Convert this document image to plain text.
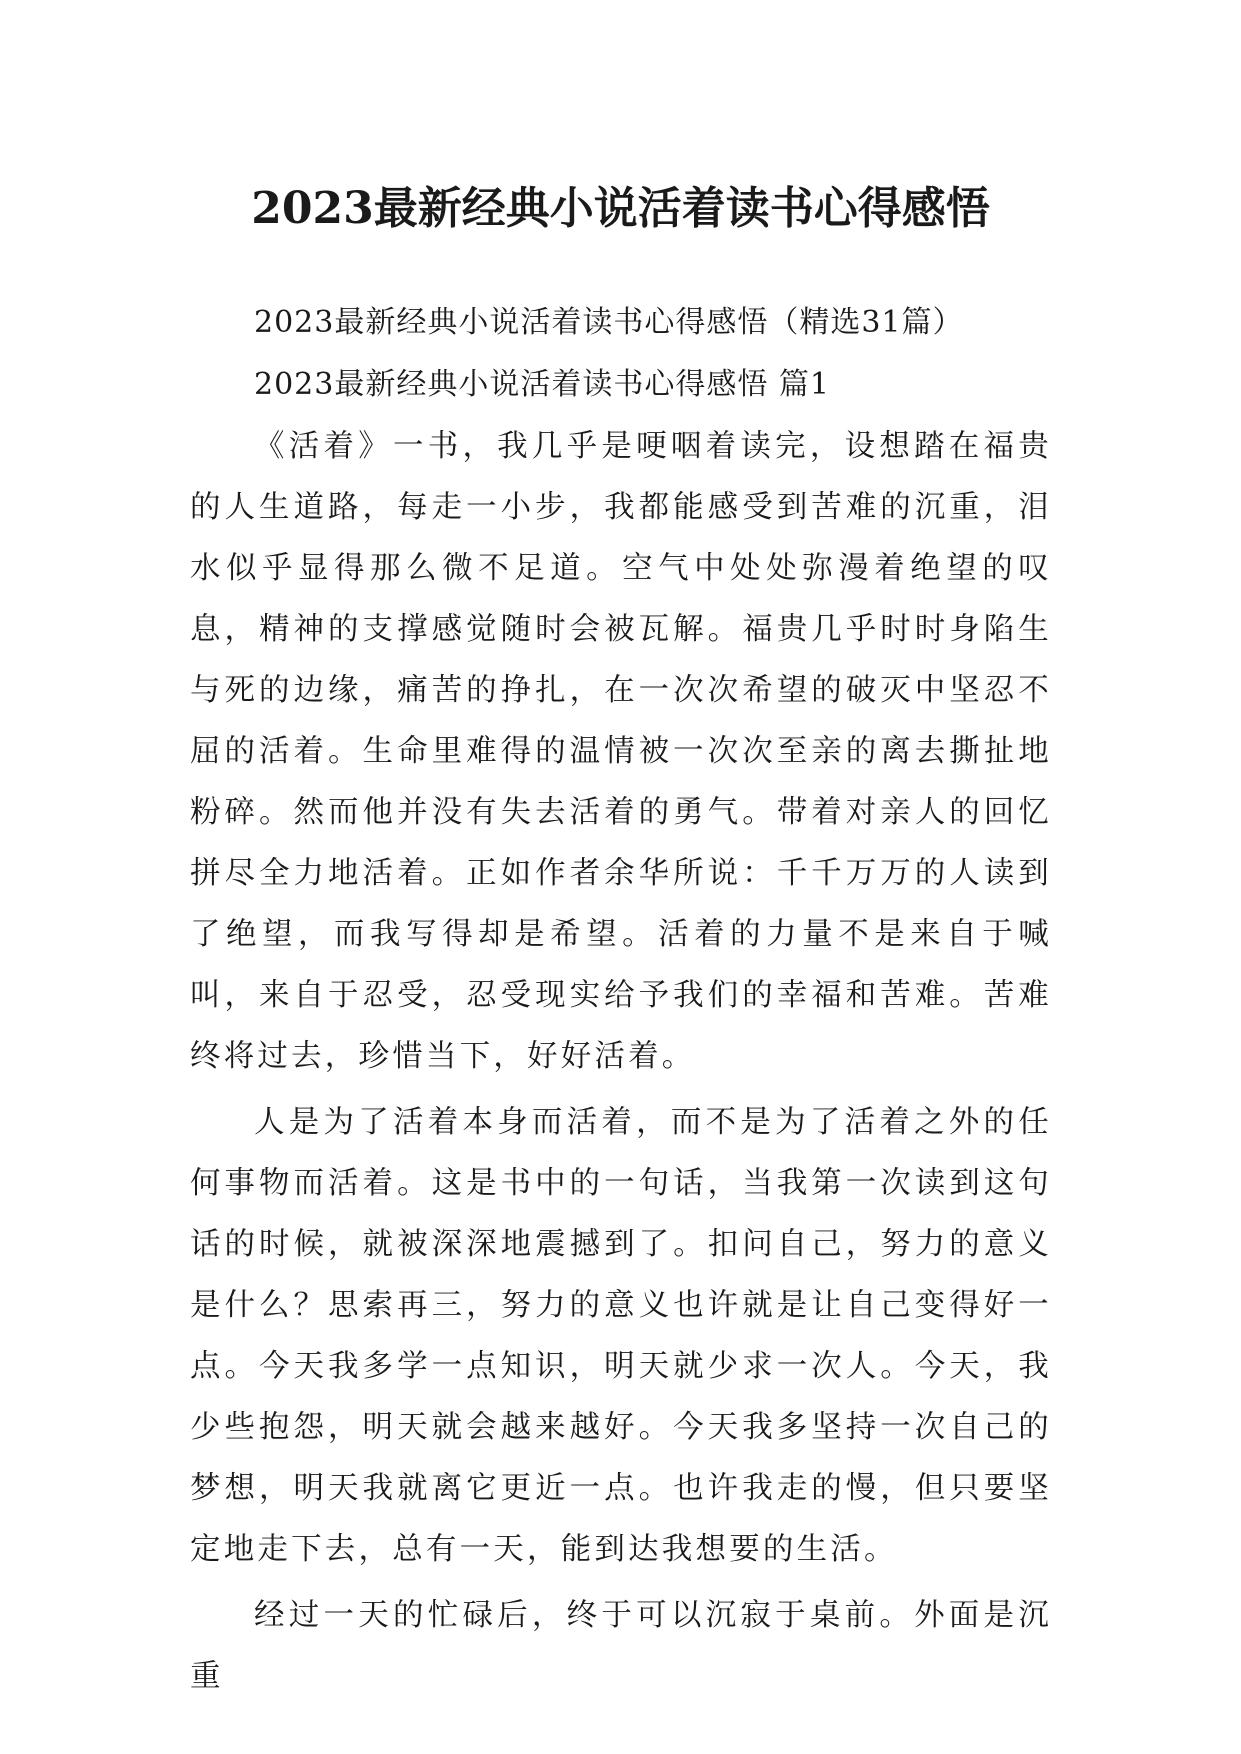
2023最新经典小说活着读书心得感悟

2023最新经典小说活着读书心得感悟（精选31篇）

2023最新经典小说活着读书心得感悟 篇1

《活着》一书，我几乎是哽咽着读完，设想踏在福贵的人生道路，每走一小步，我都能感受到苦难的沉重，泪水似乎显得那么微不足道。空气中处处弥漫着绝望的叹息，精神的支撑感觉随时会被瓦解。福贵几乎时时身陷生与死的边缘，痛苦的挣扎，在一次次希望的破灭中坚忍不屈的活着。生命里难得的温情被一次次至亲的离去撕扯地粉碎。然而他并没有失去活着的勇气。带着对亲人的回忆拼尽全力地活着。正如作者余华所说：千千万万的人读到了绝望，而我写得却是希望。活着的力量不是来自于喊叫，来自于忍受，忍受现实给予我们的幸福和苦难。苦难终将过去，珍惜当下，好好活着。

人是为了活着本身而活着，而不是为了活着之外的任何事物而活着。这是书中的一句话，当我第一次读到这句话的时候，就被深深地震撼到了。扣问自己，努力的意义是什么？思索再三，努力的意义也许就是让自己变得好一点。今天我多学一点知识，明天就少求一次人。今天，我少些抱怨，明天就会越来越好。今天我多坚持一次自己的梦想，明天我就离它更近一点。也许我走的慢，但只要坚定地走下去，总有一天，能到达我想要的生活。

经过一天的忙碌后，终于可以沉寂于桌前。外面是沉重
